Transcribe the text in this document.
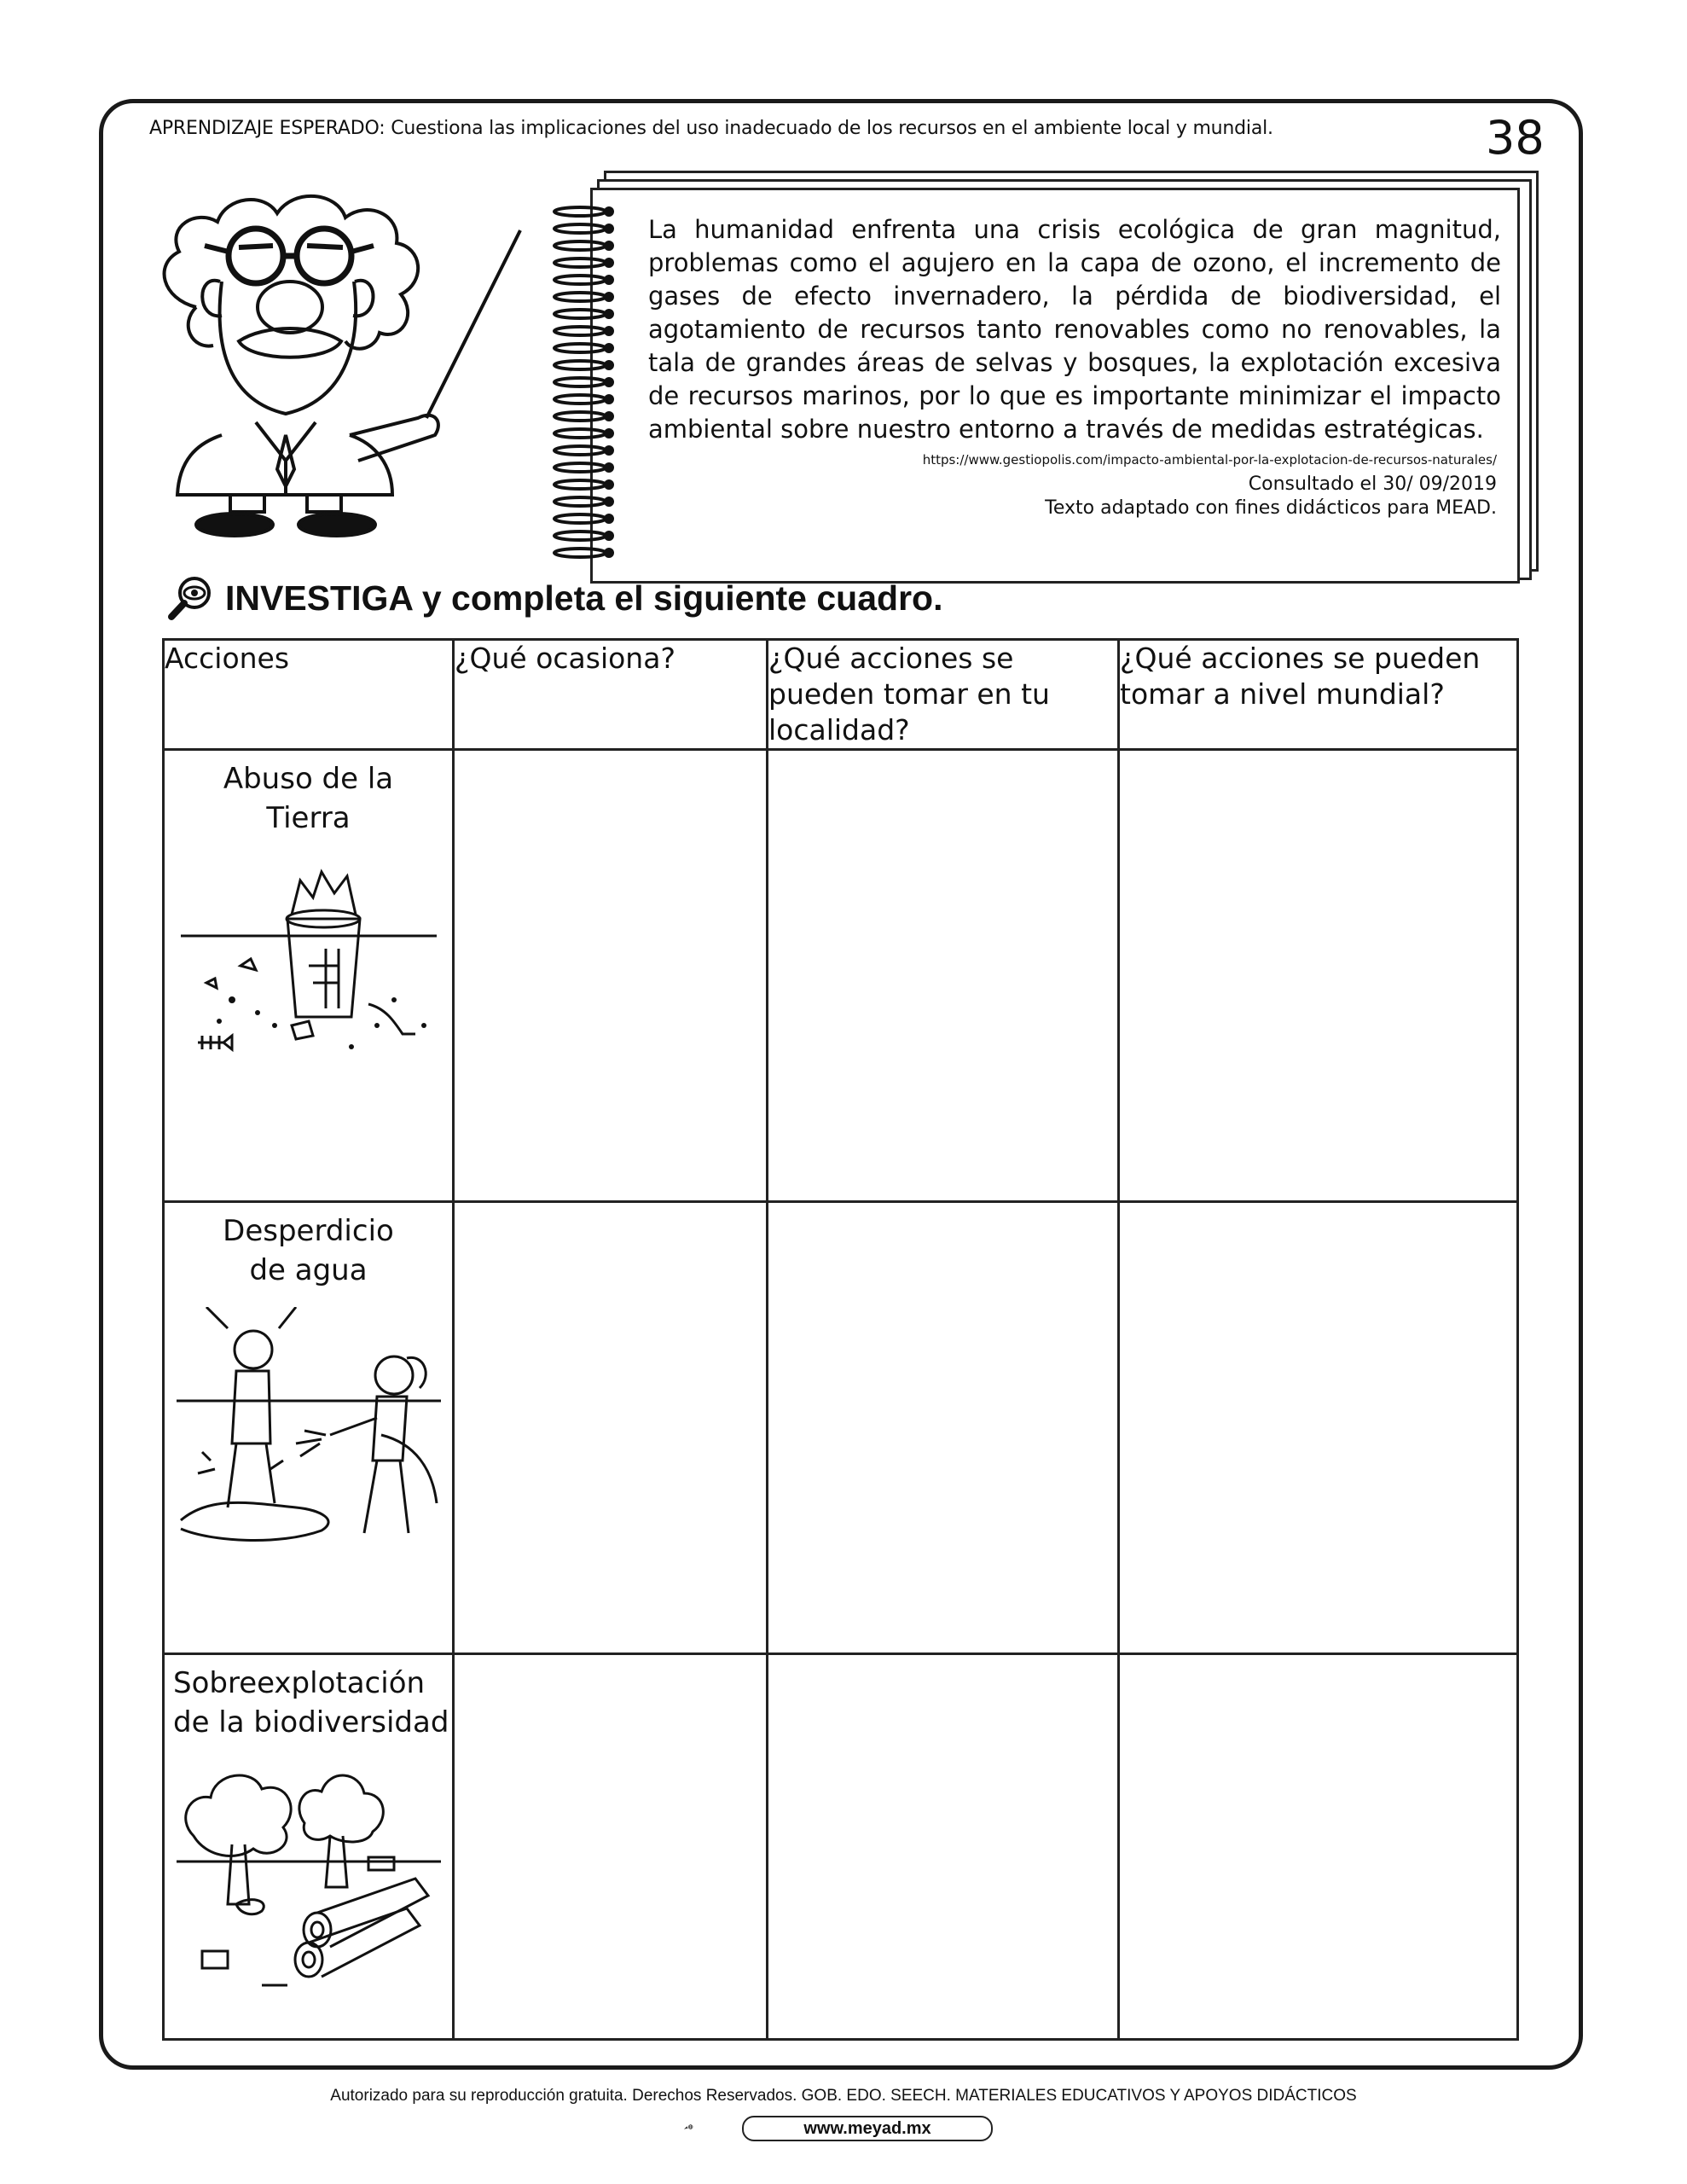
APRENDIZAJE ESPERADO: Cuestiona las implicaciones del uso inadecuado de los recursos en el ambiente local y mundial.	38
La humanidad enfrenta una crisis ecológica de gran magnitud, problemas como el agujero en la capa de ozono, el incremento de gases de efecto invernadero, la pérdida de biodiversidad, el agotamiento de recursos tanto renovables como no renovables, la tala de grandes áreas de selvas y bosques, la explotación excesiva de recursos marinos, por lo que es importante minimizar el impacto ambiental sobre nuestro entorno a través de medidas estratégicas.
https://www.gestiopolis.com/impacto-ambiental-por-la-explotacion-de-recursos-naturales/
Consultado el 30/ 09/2019
Texto adaptado con fines didácticos para MEAD.
INVESTIGA y completa el siguiente cuadro.
Acciones	¿Qué ocasiona?	¿Qué acciones se pueden tomar en tu localidad?	¿Qué acciones se pueden tomar a nivel mundial?

Abuso de la Tierra			

Desperdicio de agua			

Sobreexplotación de la biodiversidad			

Autorizado para su reproducción gratuita. Derechos Reservados. GOB. EDO. SEECH. MATERIALES EDUCATIVOS Y APOYOS DIDÁCTICOS
www.meyad.mx
